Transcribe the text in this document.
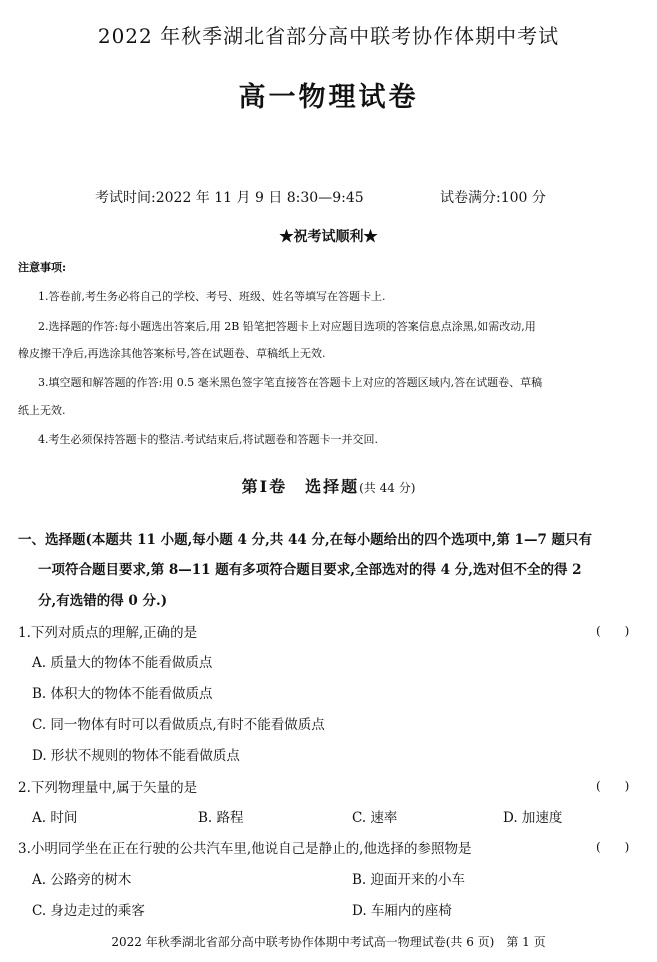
2022 年秋季湖北省部分高中联考协作体期中考试
高一物理试卷
考试时间:2022 年 11 月 9 日 8:30—9:45	试卷满分:100 分
★祝考试顺利★
注意事项:
1.答卷前,考生务必将自己的学校、考号、班级、姓名等填写在答题卡上.
2.选择题的作答:每小题选出答案后,用 2B 铅笔把答题卡上对应题目选项的答案信息点涂黑,如需改动,用
橡皮擦干净后,再选涂其他答案标号,答在试题卷、草稿纸上无效.
3.填空题和解答题的作答:用 0.5 毫米黑色签字笔直接答在答题卡上对应的答题区域内,答在试题卷、草稿
纸上无效.
4.考生必须保持答题卡的整洁.考试结束后,将试题卷和答题卡一并交回.
第Ⅰ卷　选择题(共 44 分)
一、选择题(本题共 11 小题,每小题 4 分,共 44 分,在每小题给出的四个选项中,第 1—7 题只有
一项符合题目要求,第 8—11 题有多项符合题目要求,全部选对的得 4 分,选对但不全的得 2
分,有选错的得 0 分.)
1.下列对质点的理解,正确的是	(　　)
A. 质量大的物体不能看做质点
B. 体积大的物体不能看做质点
C. 同一物体有时可以看做质点,有时不能看做质点
D. 形状不规则的物体不能看做质点
2.下列物理量中,属于矢量的是	(　　)
A. 时间	B. 路程	C. 速率	D. 加速度
3.小明同学坐在正在行驶的公共汽车里,他说自己是静止的,他选择的参照物是	(　　)
A. 公路旁的树木	B. 迎面开来的小车
C. 身边走过的乘客	D. 车厢内的座椅
2022 年秋季湖北省部分高中联考协作体期中考试高一物理试卷(共 6 页)　第 1 页
